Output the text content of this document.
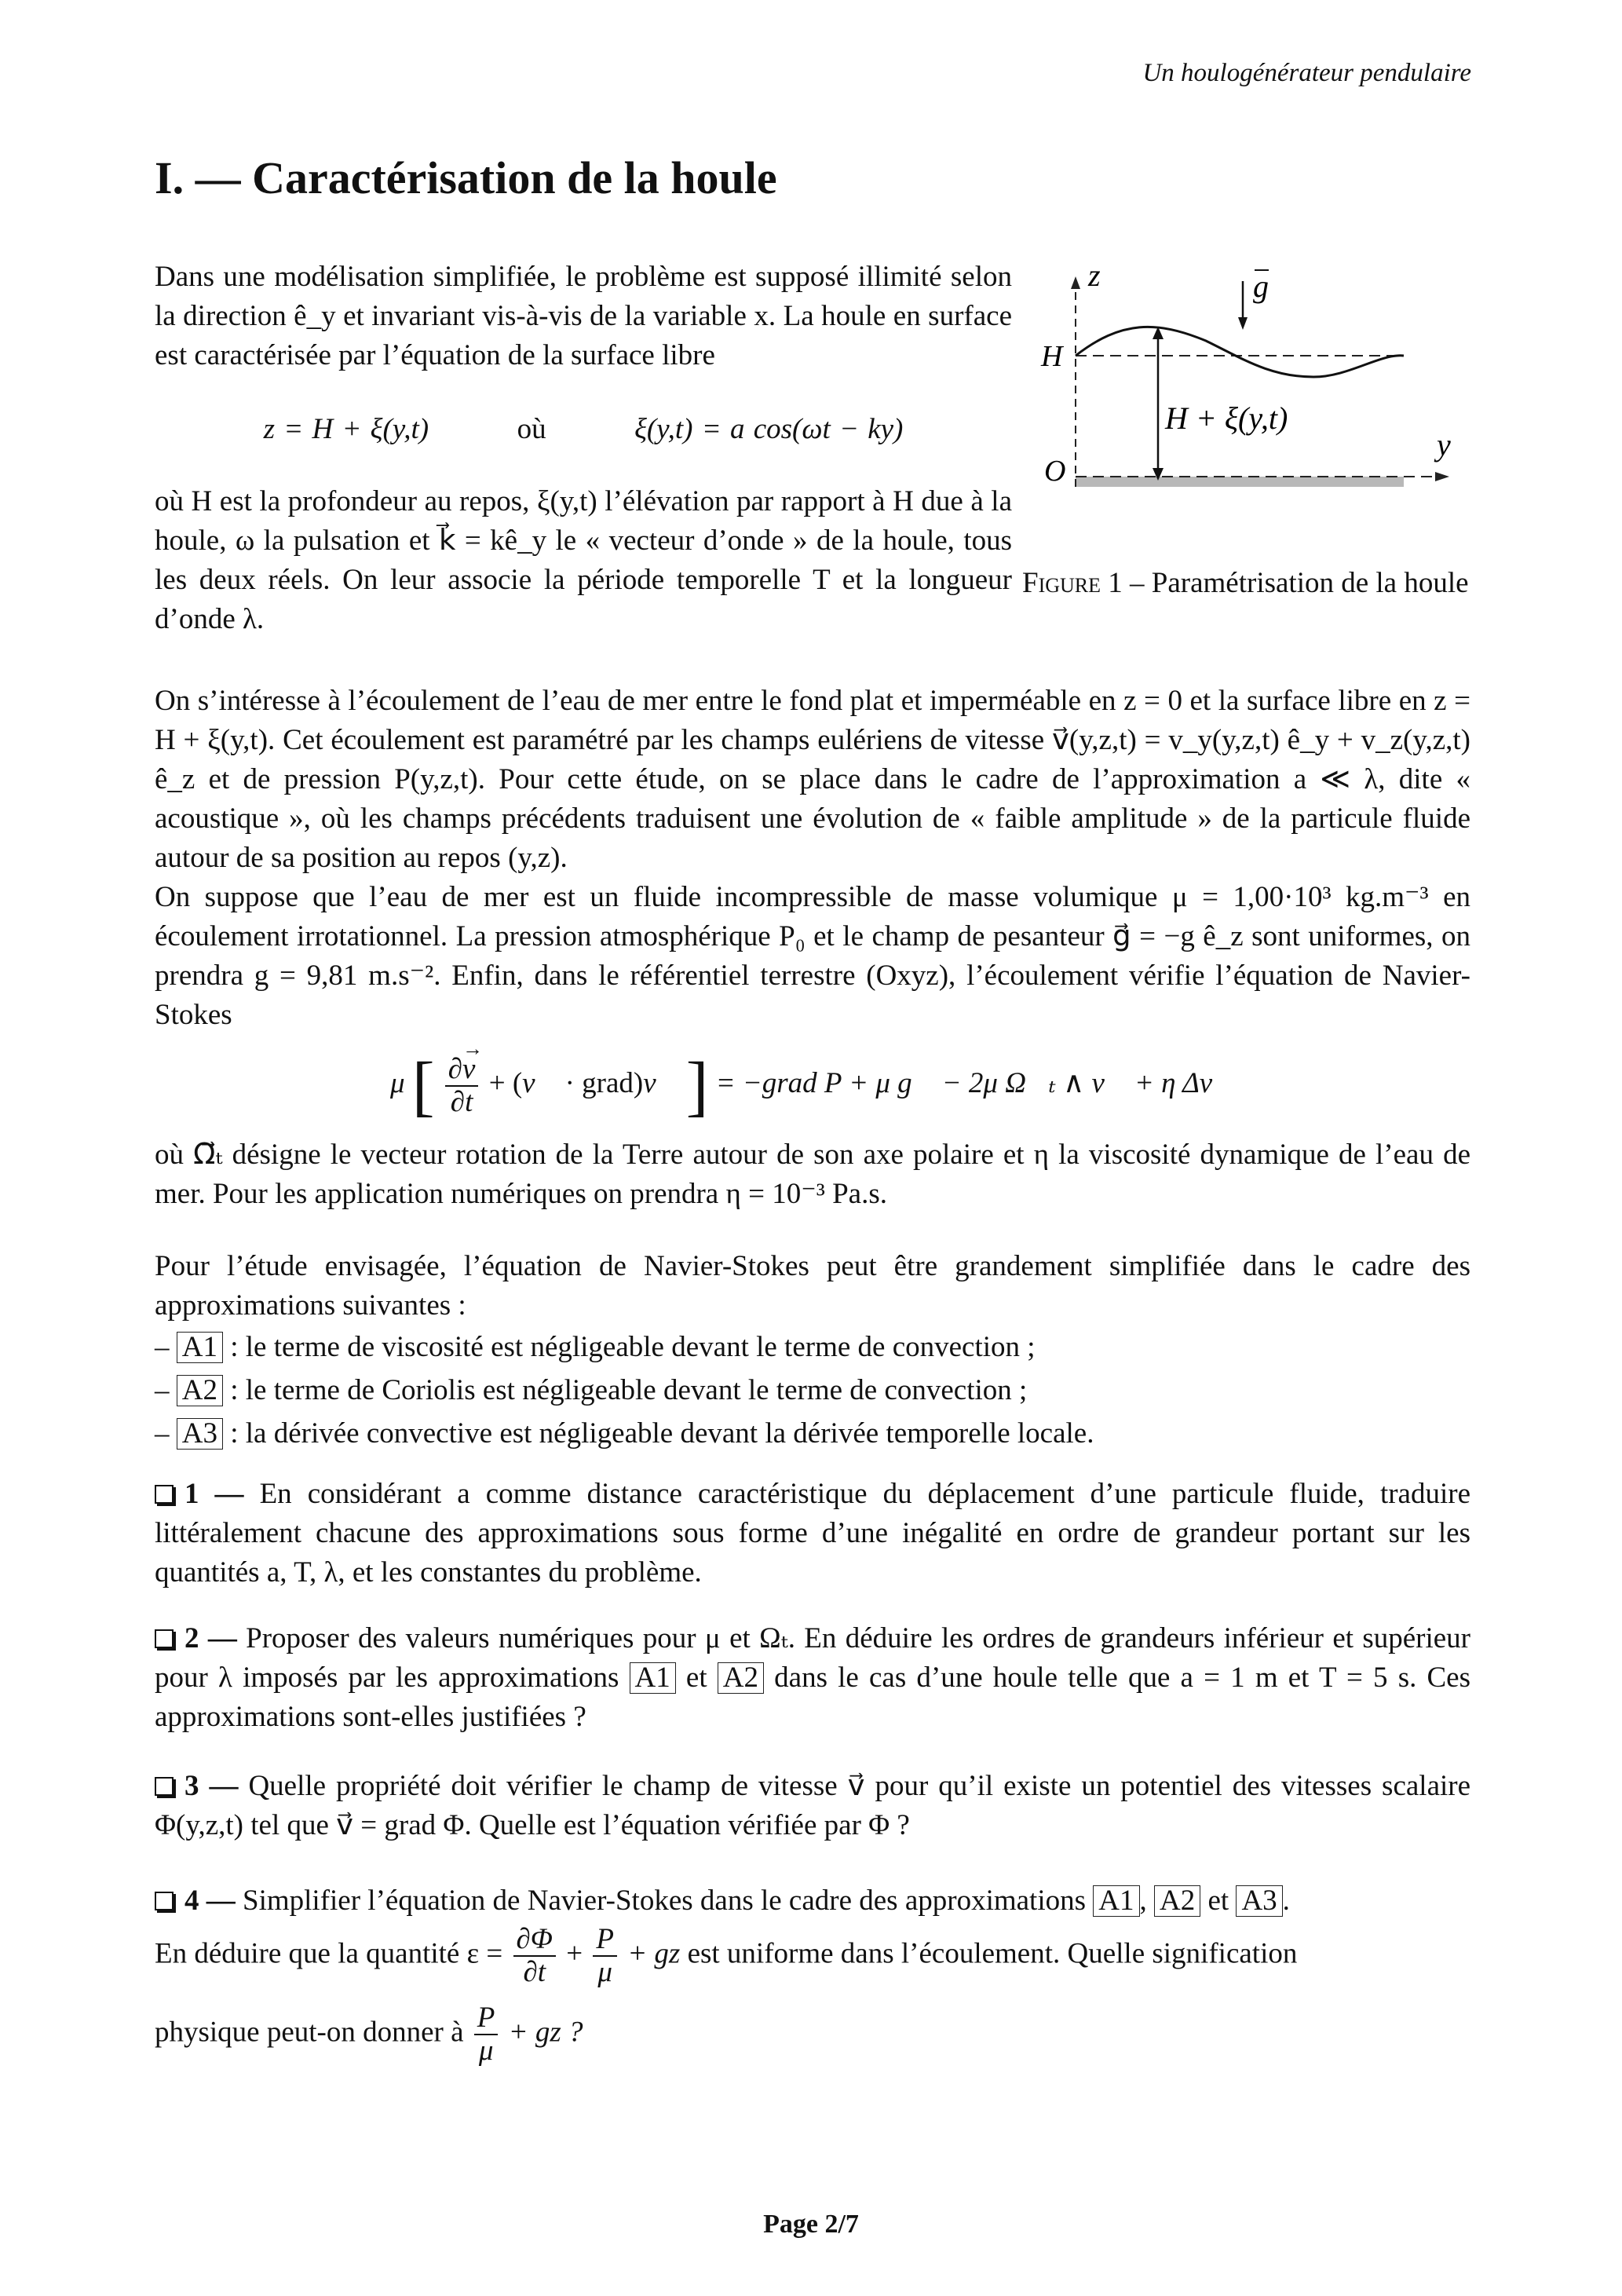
Un houlogénérateur pendulaire
I. — Caractérisation de la houle
Dans une modélisation simplifiée, le problème est supposé illimité selon la direction ê_y et invariant vis-à-vis de la variable x. La houle en surface est caractérisée par l’équation de la surface libre
z = H + ξ(y,t)	où	ξ(y,t) = a cos(ωt − ky)
où H est la profondeur au repos, ξ(y,t) l’élévation par rapport à H due à la houle, ω la pulsation et k⃗ = kê_y le « vecteur d’onde » de la houle, tous les deux réels. On leur associe la période temporelle T et la longueur d’onde λ.
z	g
H
O
y
H + ξ(y,t)
Figure 1 – Paramétrisation de la houle
On s’intéresse à l’écoulement de l’eau de mer entre le fond plat et imperméable en z = 0 et la surface libre en z = H + ξ(y,t). Cet écoulement est paramétré par les champs eulériens de vitesse v⃗(y,z,t) = v_y(y,z,t) ê_y + v_z(y,z,t) ê_z et de pression P(y,z,t). Pour cette étude, on se place dans le cadre de l’approximation a ≪ λ, dite « acoustique », où les champs précédents traduisent une évolution de « faible amplitude » de la particule fluide autour de sa position au repos (y,z).
On suppose que l’eau de mer est un fluide incompressible de masse volumique μ = 1,00·10³ kg.m⁻³ en écoulement irrotationnel. La pression atmosphérique P₀ et le champ de pesanteur g⃗ = −g ê_z sont uniformes, on prendra g = 9,81 m.s⁻². Enfin, dans le référentiel terrestre (Oxyz), l’écoulement vérifie l’équation de Navier-Stokes
μ [ $\frac{\partial\to v}{\partial t}$ + (v⃗ · grad)v⃗ ] = −grad P + μ g⃗ − 2μ Ω⃗ₜ ∧ v⃗ + η Δv⃗
où Ω⃗ₜ désigne le vecteur rotation de la Terre autour de son axe polaire et η la viscosité dynamique de l’eau de mer. Pour les application numériques on prendra η = 10⁻³ Pa.s.
Pour l’étude envisagée, l’équation de Navier-Stokes peut être grandement simplifiée dans le cadre des approximations suivantes :
– A1 : le terme de viscosité est négligeable devant le terme de convection ;
– A2 : le terme de Coriolis est négligeable devant le terme de convection ;
– A3 : la dérivée convective est négligeable devant la dérivée temporelle locale.
1 — En considérant a comme distance caractéristique du déplacement d’une particule fluide, traduire littéralement chacune des approximations sous forme d’une inégalité en ordre de grandeur portant sur les quantités a, T, λ, et les constantes du problème.
2 — Proposer des valeurs numériques pour μ et Ωₜ. En déduire les ordres de grandeurs inférieur et supérieur pour λ imposés par les approximations A1 et A2 dans le cas d’une houle telle que a = 1 m et T = 5 s. Ces approximations sont-elles justifiées ?
3 — Quelle propriété doit vérifier le champ de vitesse v⃗ pour qu’il existe un potentiel des vitesses scalaire Φ(y,z,t) tel que v⃗ = grad Φ. Quelle est l’équation vérifiée par Φ ?
4 — Simplifier l’équation de Navier-Stokes dans le cadre des approximations A1 , A2 et A3 .
En déduire que la quantité $\varepsilon = \frac{\partial\Phi}{\partial t} + \frac{P}{\mu}$ + gz est uniforme dans l’écoulement. Quelle signification
physique peut-on donner à $\frac{P}{\mu}$ + gz ?
Page 2/7
